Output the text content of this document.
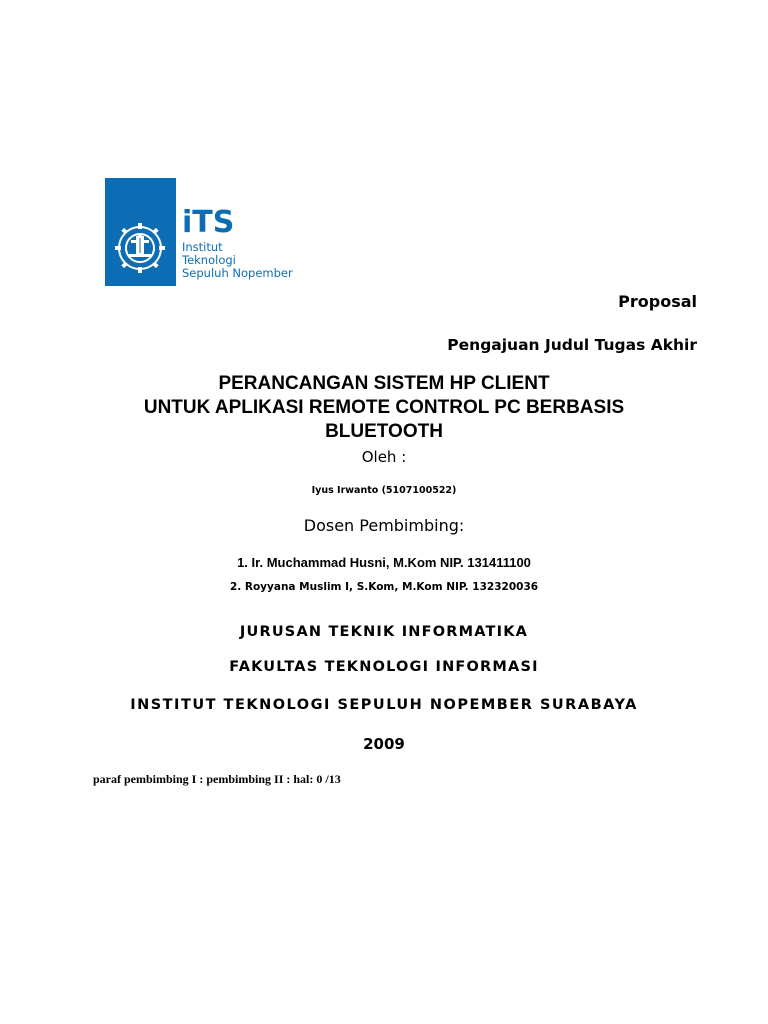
iTS
Institut
Teknologi
Sepuluh Nopember
Proposal
Pengajuan Judul Tugas Akhir
PERANCANGAN SISTEM HP CLIENT
UNTUK APLIKASI REMOTE CONTROL PC BERBASIS
BLUETOOTH
Oleh :
Iyus Irwanto (5107100522)
Dosen Pembimbing:
1. Ir. Muchammad Husni, M.Kom NIP. 131411100
2. Royyana Muslim I, S.Kom, M.Kom NIP. 132320036
JURUSAN TEKNIK INFORMATIKA
FAKULTAS TEKNOLOGI INFORMASI
INSTITUT TEKNOLOGI SEPULUH NOPEMBER SURABAYA
2009
paraf pembimbing I : pembimbing II : hal: 0 /13
